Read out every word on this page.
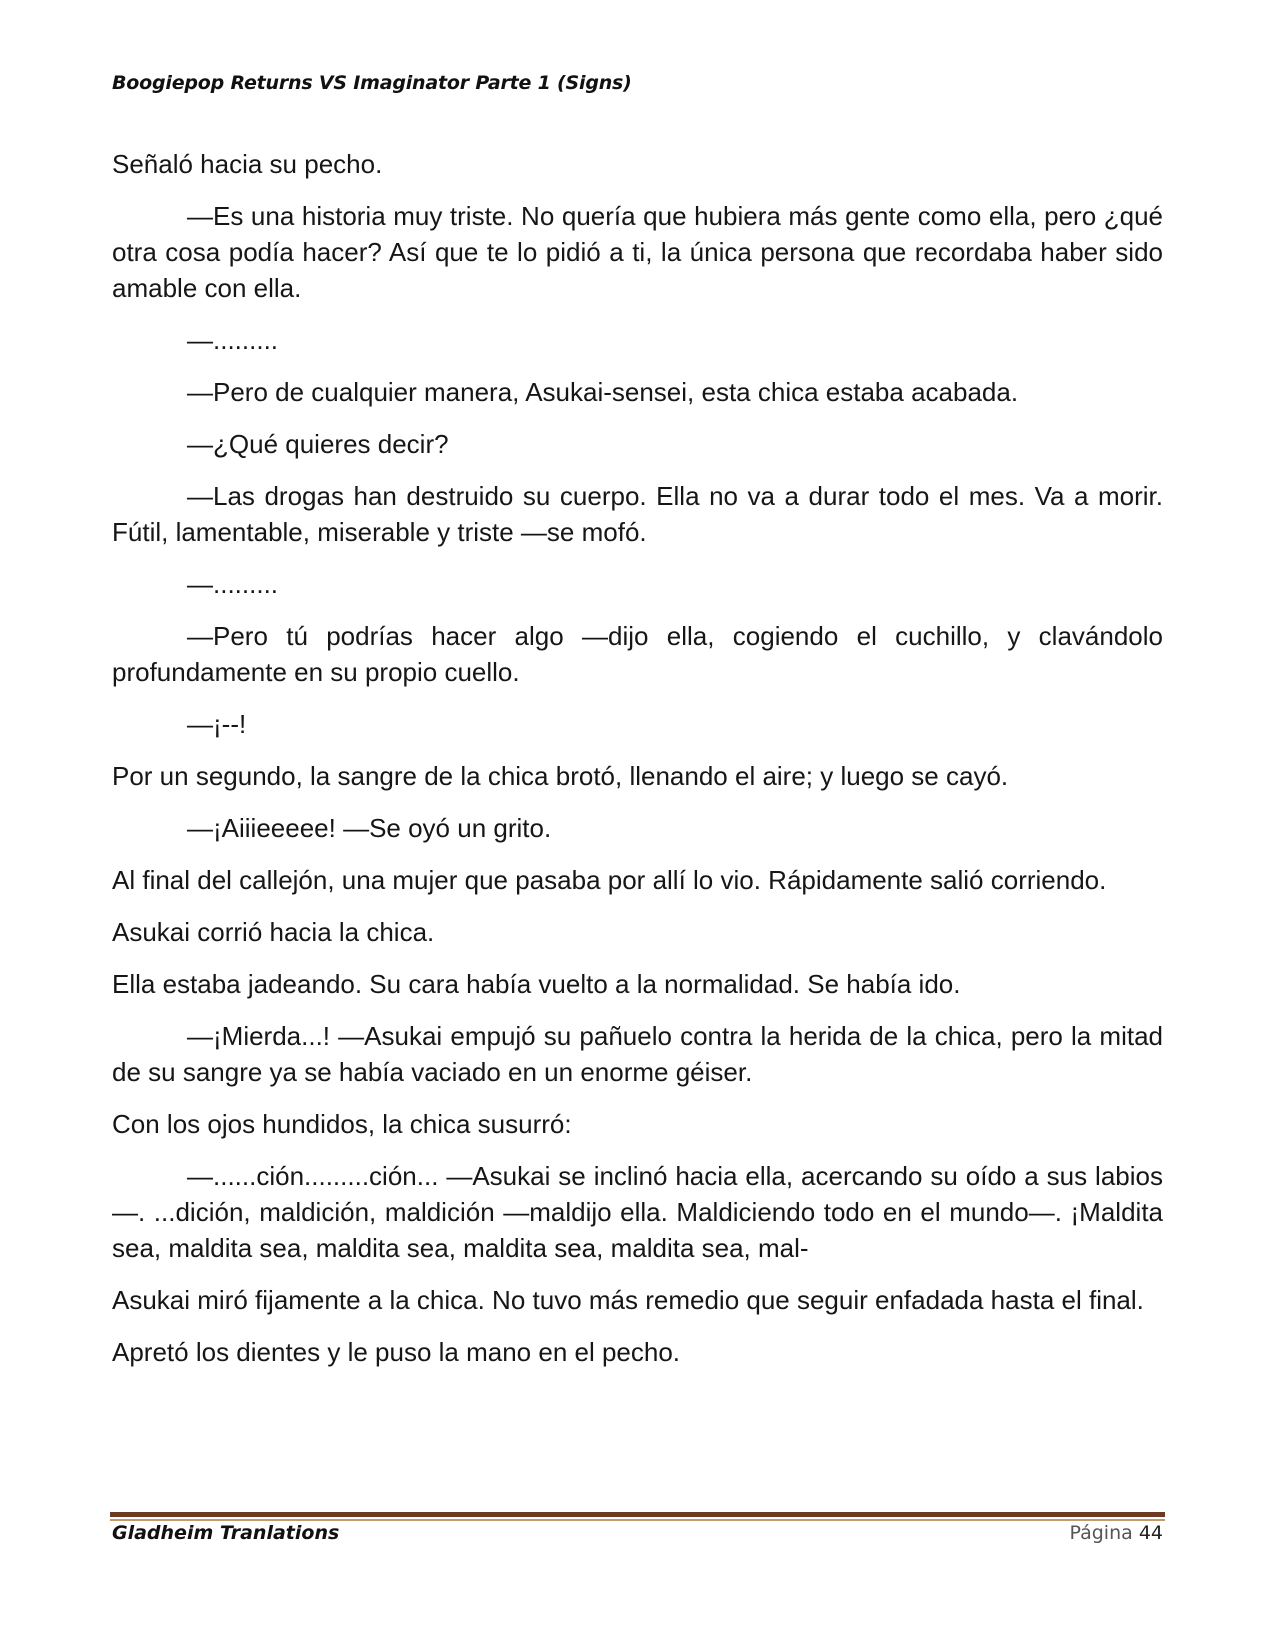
Boogiepop Returns VS Imaginator Parte 1 (Signs)

Señaló hacia su pecho.

—Es una historia muy triste. No quería que hubiera más gente como ella, pero ¿qué otra cosa podía hacer? Así que te lo pidió a ti, la única persona que recordaba haber sido amable con ella.

—.........

—Pero de cualquier manera, Asukai-sensei, esta chica estaba acabada.

—¿Qué quieres decir?

—Las drogas han destruido su cuerpo. Ella no va a durar todo el mes. Va a morir. Fútil, lamentable, miserable y triste —se mofó.

—.........

—Pero tú podrías hacer algo —dijo ella, cogiendo el cuchillo, y clavándolo profundamente en su propio cuello.

—¡--!

Por un segundo, la sangre de la chica brotó, llenando el aire; y luego se cayó.

—¡Aiiieeeee! —Se oyó un grito.

Al final del callejón, una mujer que pasaba por allí lo vio. Rápidamente salió corriendo.

Asukai corrió hacia la chica.

Ella estaba jadeando. Su cara había vuelto a la normalidad. Se había ido.

—¡Mierda...! —Asukai empujó su pañuelo contra la herida de la chica, pero la mitad de su sangre ya se había vaciado en un enorme géiser.

Con los ojos hundidos, la chica susurró:

—......ción.........ción... —Asukai se inclinó hacia ella, acercando su oído a sus labios—. ...dición, maldición, maldición —maldijo ella. Maldiciendo todo en el mundo—. ¡Maldita sea, maldita sea, maldita sea, maldita sea, maldita sea, mal-

Asukai miró fijamente a la chica. No tuvo más remedio que seguir enfadada hasta el final.

Apretó los dientes y le puso la mano en el pecho.

Gladheim Tranlations	Página 44
